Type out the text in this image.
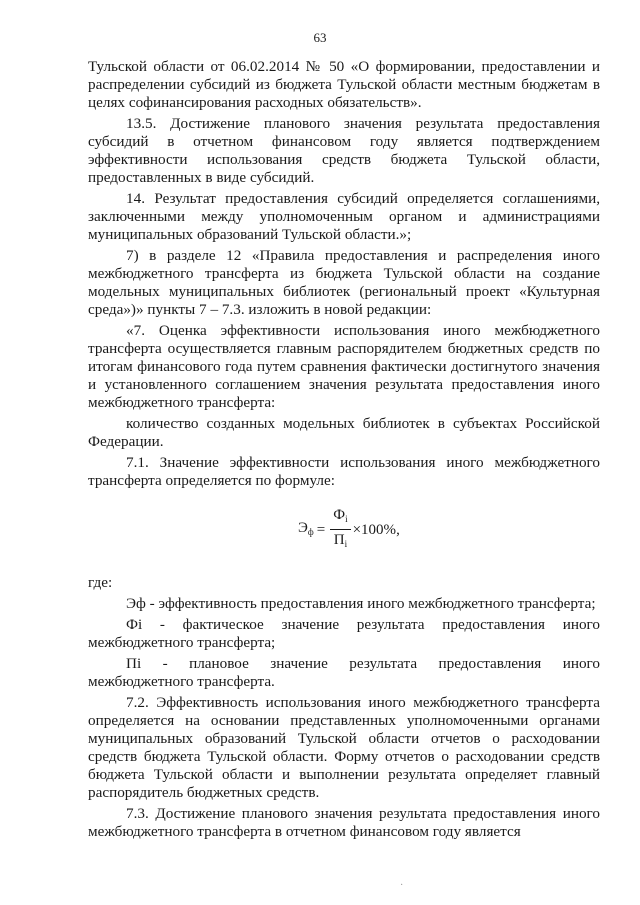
63
Тульской области от 06.02.2014 № 50 «О формировании, предоставлении и распределении субсидий из бюджета Тульской области местным бюджетам в целях софинансирования расходных обязательств».
13.5. Достижение планового значения результата предоставления субсидий в отчетном финансовом году является подтверждением эффективности использования средств бюджета Тульской области, предоставленных в виде субсидий.
14. Результат предоставления субсидий определяется соглашениями, заключенными между уполномоченным органом и администрациями муниципальных образований Тульской области.»;
7) в разделе 12 «Правила предоставления и распределения иного межбюджетного трансферта из бюджета Тульской области на создание модельных муниципальных библиотек (региональный проект «Культурная среда»)» пункты 7 – 7.3. изложить в новой редакции:
«7. Оценка эффективности использования иного межбюджетного трансферта осуществляется главным распорядителем бюджетных средств по итогам финансового года путем сравнения фактически достигнутого значения и установленного соглашением значения результата предоставления иного межбюджетного трансферта:
количество созданных модельных библиотек в субъектах Российской Федерации.
7.1. Значение эффективности использования иного межбюджетного трансферта определяется по формуле:
$Э_ф = \frac{Ф_i}{П_i} \times 100\%$ ,
где:
Эф - эффективность предоставления иного межбюджетного трансферта;
Фi - фактическое значение результата предоставления иного межбюджетного трансферта;
Пi - плановое значение результата предоставления иного межбюджетного трансферта.
7.2. Эффективность использования иного межбюджетного трансферта определяется на основании представленных уполномоченными органами муниципальных образований Тульской области отчетов о расходовании средств бюджета Тульской области. Форму отчетов о расходовании средств бюджета Тульской области и выполнении результата определяет главный распорядитель бюджетных средств.
7.3. Достижение планового значения результата предоставления иного межбюджетного трансферта в отчетном финансовом году является
·
